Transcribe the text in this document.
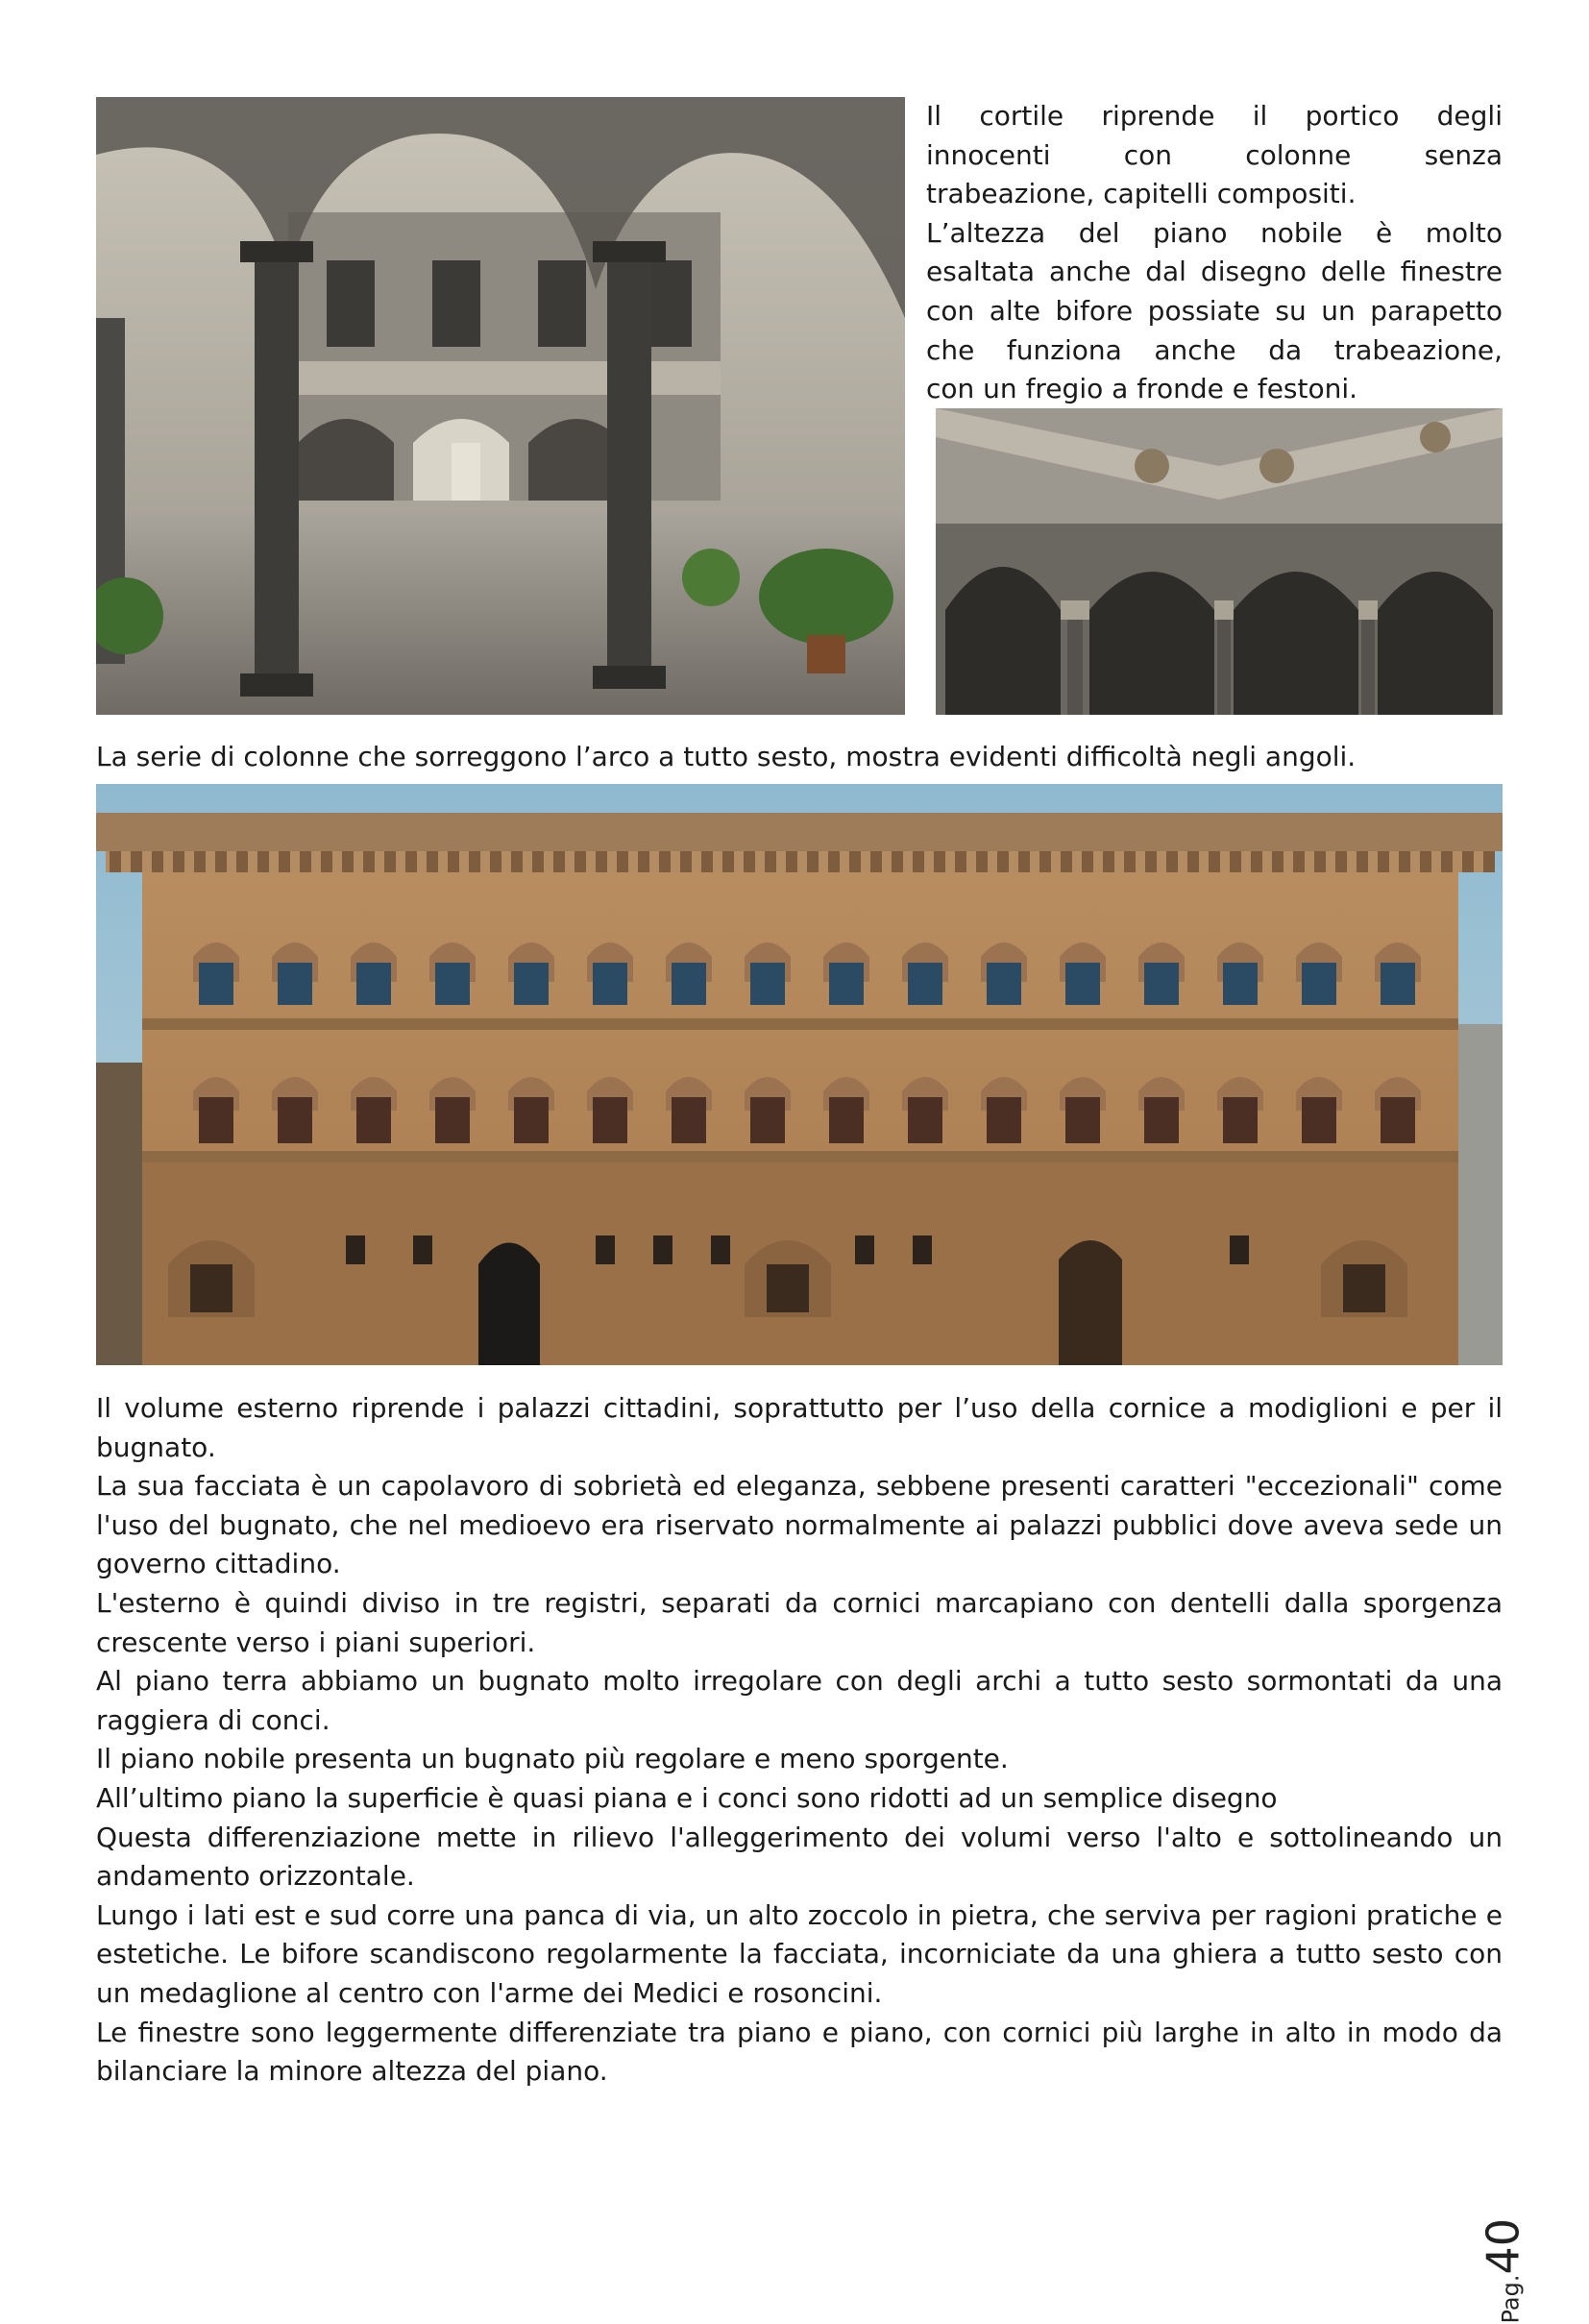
Il cortile riprende il portico degli
innocenti con colonne senza
trabeazione, capitelli compositi.
L’altezza del piano nobile è molto
esaltata anche dal disegno delle finestre
con alte bifore possiate su un parapetto
che funziona anche da trabeazione,
con un fregio a fronde e festoni.
La serie di colonne che sorreggono l’arco a tutto sesto, mostra evidenti difficoltà negli angoli.
Il volume esterno riprende i palazzi cittadini, soprattutto per l’uso della cornice a modiglioni e per il bugnato.
La sua facciata è un capolavoro di sobrietà ed eleganza, sebbene presenti caratteri "eccezionali" come l'uso del bugnato, che nel medioevo era riservato normalmente ai palazzi pubblici dove aveva sede un governo cittadino.
L'esterno è quindi diviso in tre registri, separati da cornici marcapiano con dentelli dalla sporgenza crescente verso i piani superiori.
Al piano terra abbiamo un bugnato molto irregolare con degli archi a tutto sesto sormontati da una raggiera di conci.
Il piano nobile presenta un bugnato più regolare e meno sporgente.
All’ultimo piano la superficie è quasi piana e i conci sono ridotti ad un semplice disegno
Questa differenziazione mette in rilievo l'alleggerimento dei volumi verso l'alto e sottolineando un andamento orizzontale.
Lungo i lati est e sud corre una panca di via, un alto zoccolo in pietra, che serviva per ragioni pratiche e estetiche. Le bifore scandiscono regolarmente la facciata, incorniciate da una ghiera a tutto sesto con un medaglione al centro con l'arme dei Medici e rosoncini.
Le finestre sono leggermente differenziate tra piano e piano, con cornici più larghe in alto in modo da bilanciare la minore altezza del piano.
Pag.40
